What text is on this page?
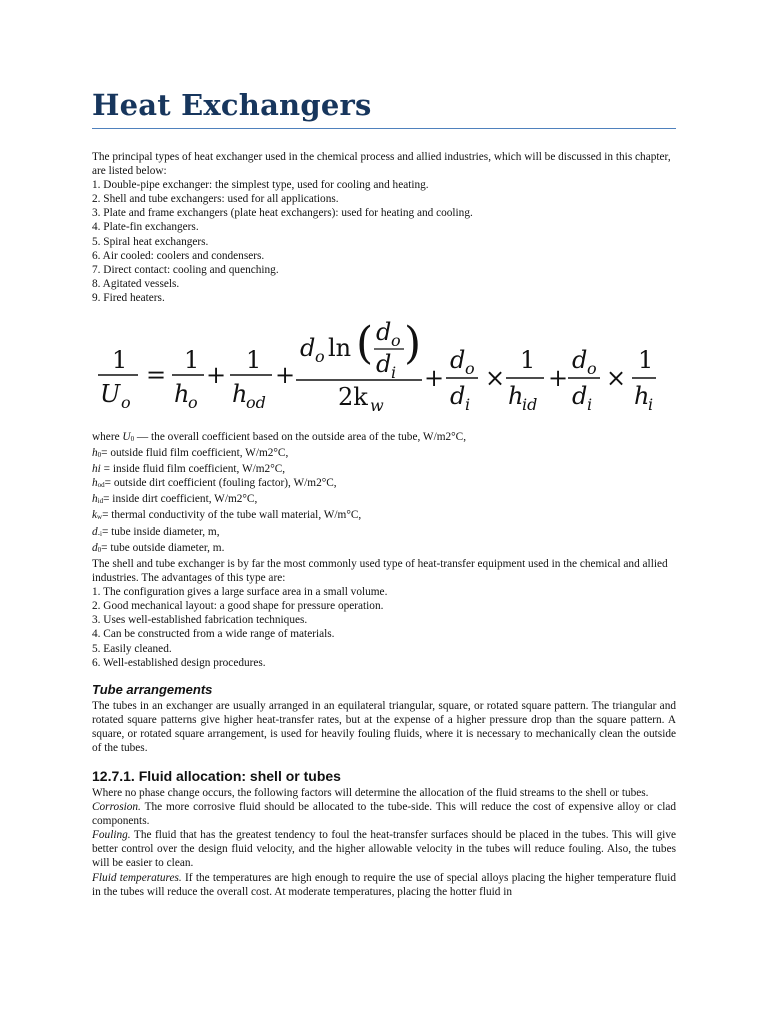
Heat Exchangers
The principal types of heat exchanger used in the chemical process and allied industries, which will be discussed in this chapter, are listed below:
1. Double-pipe exchanger: the simplest type, used for cooling and heating.
2. Shell and tube exchangers: used for all applications.
3. Plate and frame exchangers (plate heat exchangers): used for heating and cooling.
4. Plate-fin exchangers.
5. Spiral heat exchangers.
6. Air cooled: coolers and condensers.
7. Direct contact: cooling and quenching.
8. Agitated vessels.
9. Fired heaters.
1
U o
=
1
h
o
+
1
h
od
+
d o ln ( d o
d i
)
2k w
+
d o
d i
×
1
h
id
+
d o
d i
×
1
h
i
where U0 — the overall coefficient based on the outside area of the tube, W/m2°C,
h0= outside fluid film coefficient, W/m2°C,
hi = inside fluid film coefficient, W/m2°C,
hod= outside dirt coefficient (fouling factor), W/m2°C,
hid= inside dirt coefficient, W/m2°C,
kw= thermal conductivity of the tube wall material, W/m°C,
d-i= tube inside diameter, m,
d0= tube outside diameter, m.
The shell and tube exchanger is by far the most commonly used type of heat-transfer equipment used in the chemical and allied industries. The advantages of this type are:
1. The configuration gives a large surface area in a small volume.
2. Good mechanical layout: a good shape for pressure operation.
3. Uses well-established fabrication techniques.
4. Can be constructed from a wide range of materials.
5. Easily cleaned.
6. Well-established design procedures.
Tube arrangements
The tubes in an exchanger are usually arranged in an equilateral triangular, square, or rotated square pattern. The triangular and rotated square patterns give higher heat-transfer rates, but at the expense of a higher pressure drop than the square pattern. A square, or rotated square arrangement, is used for heavily fouling fluids, where it is necessary to mechanically clean the outside of the tubes.
12.7.1. Fluid allocation: shell or tubes
Where no phase change occurs, the following factors will determine the allocation of the fluid streams to the shell or tubes.
Corrosion. The more corrosive fluid should be allocated to the tube-side. This will reduce the cost of expensive alloy or clad components.
Fouling. The fluid that has the greatest tendency to foul the heat-transfer surfaces should be placed in the tubes. This will give better control over the design fluid velocity, and the higher allowable velocity in the tubes will reduce fouling. Also, the tubes will be easier to clean.
Fluid temperatures. If the temperatures are high enough to require the use of special alloys placing the higher temperature fluid in the tubes will reduce the overall cost. At moderate temperatures, placing the hotter fluid in
